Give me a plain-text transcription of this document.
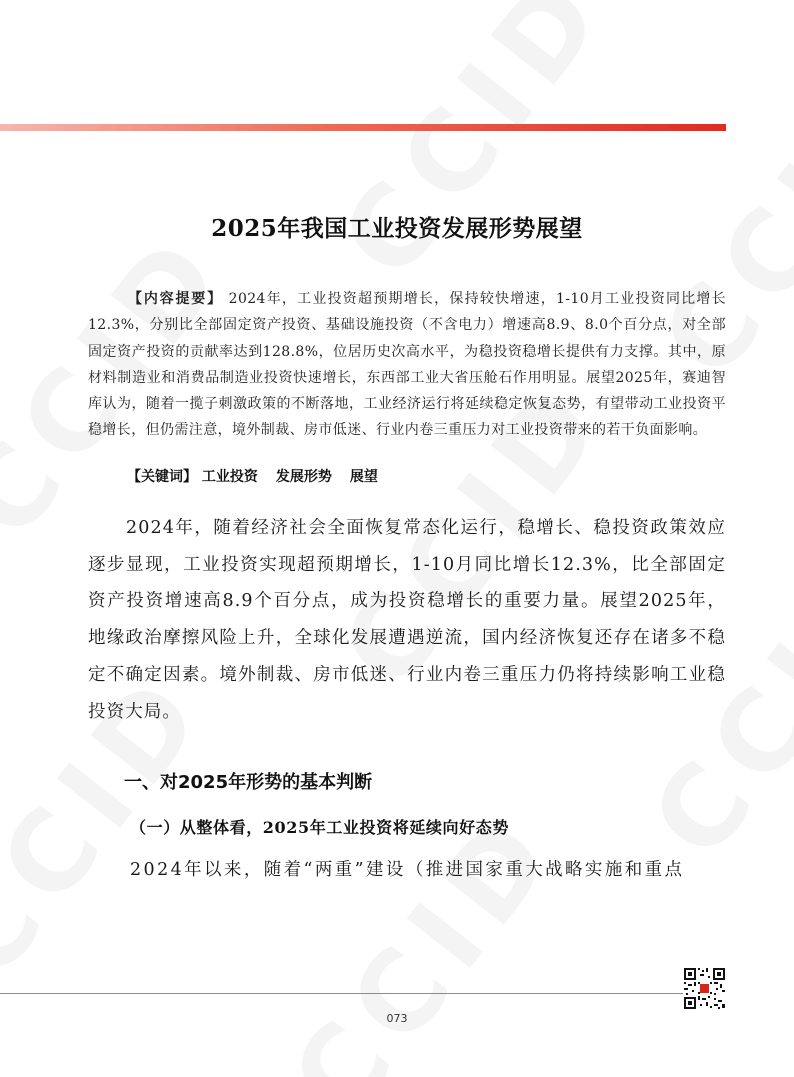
2025年我国工业投资发展形势展望

【内容提要】 2024年，工业投资超预期增长，保持较快增速，1-10月工业投资同比增长12.3%，分别比全部固定资产投资、基础设施投资（不含电力）增速高8.9、8.0个百分点，对全部固定资产投资的贡献率达到128.8%，位居历史次高水平，为稳投资稳增长提供有力支撑。其中，原材料制造业和消费品制造业投资快速增长，东西部工业大省压舱石作用明显。展望2025年，赛迪智库认为，随着一揽子刺激政策的不断落地，工业经济运行将延续稳定恢复态势，有望带动工业投资平稳增长，但仍需注意，境外制裁、房市低迷、行业内卷三重压力对工业投资带来的若干负面影响。

【关键词】 工业投资 发展形势 展望

2024年，随着经济社会全面恢复常态化运行，稳增长、稳投资政策效应逐步显现，工业投资实现超预期增长，1-10月同比增长12.3%，比全部固定资产投资增速高8.9个百分点，成为投资稳增长的重要力量。展望2025年，地缘政治摩擦风险上升，全球化发展遭遇逆流，国内经济恢复还存在诸多不稳定不确定因素。境外制裁、房市低迷、行业内卷三重压力仍将持续影响工业稳投资大局。

一、对2025年形势的基本判断
（一）从整体看，2025年工业投资将延续向好态势

2024年以来，随着“两重”建设（推进国家重大战略实施和重点

073
